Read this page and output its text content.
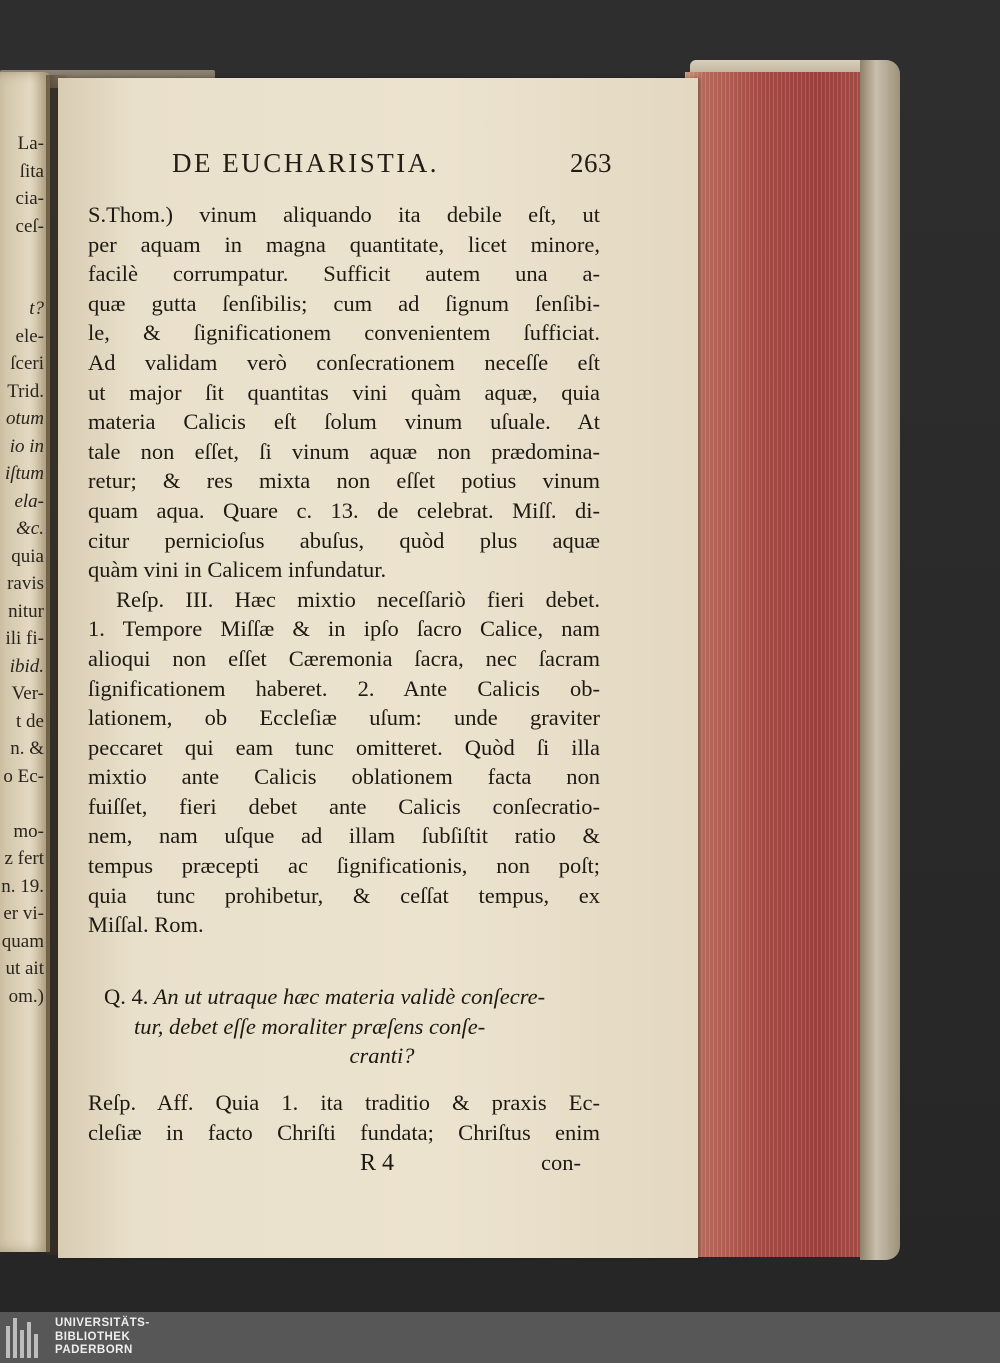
La-
ſita
cia-
ceſ-
t?
ele-
ſceri
Trid.
otum
io in
iſtum
ela-
&c.
quia
ravis
nitur
ili fi-
ibid.
Ver-
t de
n. &
o Ec-
mo-
z fert
n. 19.
er vi-
quam
ut ait
om.)
DE EUCHARISTIA.	263
S.Thom.) vinum aliquando ita debile eſt, ut
per aquam in magna quantitate, licet minore,
facilè corrumpatur. Sufficit autem una a-
quæ gutta ſenſibilis; cum ad ſignum ſenſibi-
le, & ſignificationem convenientem ſufficiat.
Ad validam verò conſecrationem neceſſe eſt
ut major ſit quantitas vini quàm aquæ, quia
materia Calicis eſt ſolum vinum uſuale. At
tale non eſſet, ſi vinum aquæ non prædomina-
retur; & res mixta non eſſet potius vinum
quam aqua. Quare c. 13. de celebrat. Miſſ. di-
citur pernicioſus abuſus, quòd plus aquæ
quàm vini in Calicem infundatur.
Reſp. III. Hæc mixtio neceſſariò fieri debet.
1. Tempore Miſſæ & in ipſo ſacro Calice, nam
alioqui non eſſet Cæremonia ſacra, nec ſacram
ſignificationem haberet. 2. Ante Calicis ob-
lationem, ob Eccleſiæ uſum: unde graviter
peccaret qui eam tunc omitteret. Quòd ſi illa
mixtio ante Calicis oblationem facta non
fuiſſet, fieri debet ante Calicis conſecratio-
nem, nam uſque ad illam ſubſiſtit ratio &
tempus præcepti ac ſignificationis, non poſt;
quia tunc prohibetur, & ceſſat tempus, ex
Miſſal. Rom.
Q. 4. An ut utraque hæc materia validè conſecre-
tur, debet eſſe moraliter præſens conſe-
cranti?
Reſp. Aff. Quia 1. ita traditio & praxis Ec-
cleſiæ in facto Chriſti fundata; Chriſtus enim
R 4	con-
UNIVERSITÄTS-
BIBLIOTHEK
PADERBORN
